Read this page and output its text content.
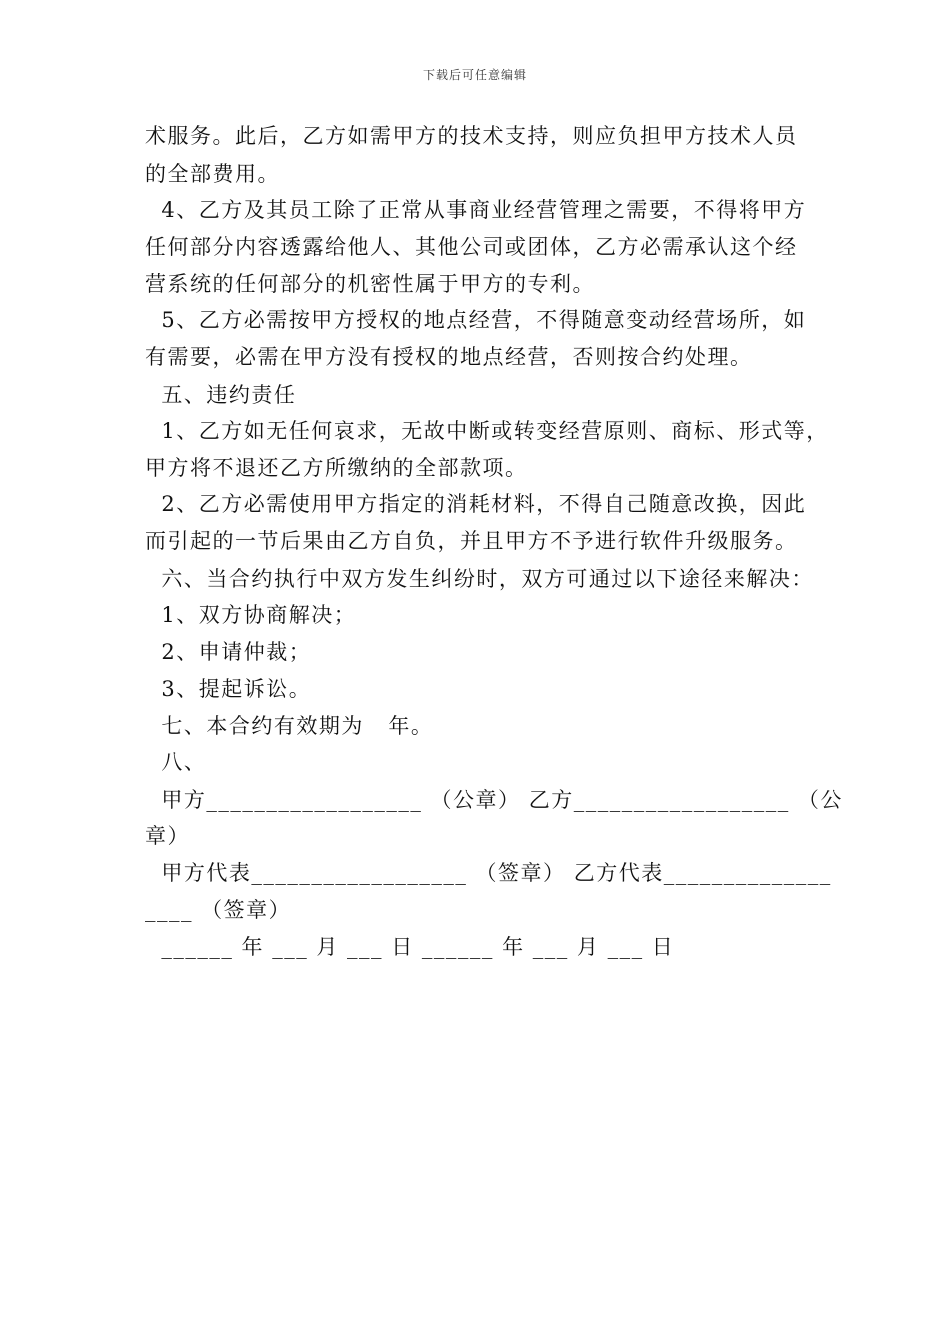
下载后可任意编辑
术服务。此后，乙方如需甲方的技术支持，则应负担甲方技术人员
的全部费用。
4、乙方及其员工除了正常从事商业经营管理之需要，不得将甲方
任何部分内容透露给他人、其他公司或团体，乙方必需承认这个经
营系统的任何部分的机密性属于甲方的专利。
5、乙方必需按甲方授权的地点经营，不得随意变动经营场所，如
有需要，必需在甲方没有授权的地点经营，否则按合约处理。
五、违约责任
1、乙方如无任何哀求，无故中断或转变经营原则、商标、形式等，
甲方将不退还乙方所缴纳的全部款项。
2、乙方必需使用甲方指定的消耗材料，不得自己随意改换，因此
而引起的一节后果由乙方自负，并且甲方不予进行软件升级服务。
六、当合约执行中双方发生纠纷时，双方可通过以下途径来解决：
1、双方协商解决；
2、申请仲裁；
3、提起诉讼。
七、本合约有效期为   年。
八、
甲方__________________ （公章） 乙方__________________ （公
章）
甲方代表__________________ （签章） 乙方代表______________
____ （签章）
______ 年 ___ 月 ___ 日 ______ 年 ___ 月 ___ 日
